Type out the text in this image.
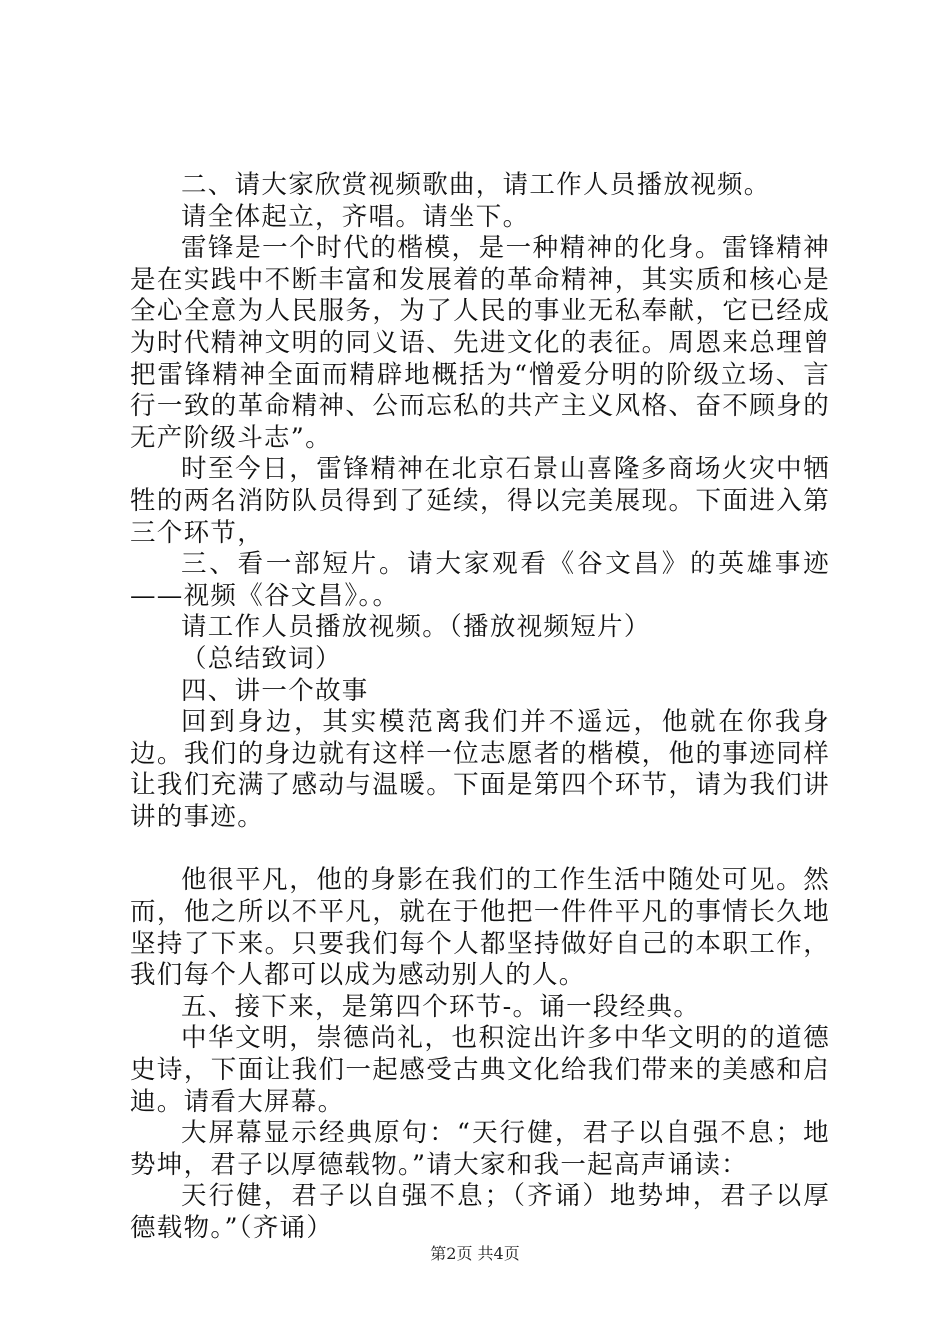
二、请大家欣赏视频歌曲，请工作人员播放视频。

请全体起立，齐唱。请坐下。

雷锋是一个时代的楷模，是一种精神的化身。雷锋精神是在实践中不断丰富和发展着的革命精神，其实质和核心是全心全意为人民服务，为了人民的事业无私奉献，它已经成为时代精神文明的同义语、先进文化的表征。周恩来总理曾把雷锋精神全面而精辟地概括为“憎爱分明的阶级立场、言行一致的革命精神、公而忘私的共产主义风格、奋不顾身的无产阶级斗志”。

时至今日，雷锋精神在北京石景山喜隆多商场火灾中牺牲的两名消防队员得到了延续，得以完美展现。下面进入第三个环节，

三、看一部短片。请大家观看《谷文昌》的英雄事迹——视频《谷文昌》。。

请工作人员播放视频。（播放视频短片）

（总结致词）

四、讲一个故事

回到身边，其实模范离我们并不遥远，他就在你我身边。我们的身边就有这样一位志愿者的楷模，他的事迹同样让我们充满了感动与温暖。下面是第四个环节，请为我们讲讲的事迹。

他很平凡，他的身影在我们的工作生活中随处可见。然而，他之所以不平凡，就在于他把一件件平凡的事情长久地坚持了下来。只要我们每个人都坚持做好自己的本职工作，我们每个人都可以成为感动别人的人。

五、接下来，是第四个环节-。诵一段经典。

中华文明，崇德尚礼，也积淀出许多中华文明的的道德史诗，下面让我们一起感受古典文化给我们带来的美感和启迪。请看大屏幕。

大屏幕显示经典原句：“天行健，君子以自强不息；地势坤，君子以厚德载物。”请大家和我一起高声诵读：

天行健，君子以自强不息；（齐诵）地势坤，君子以厚德载物。”（齐诵）

第2页 共4页
